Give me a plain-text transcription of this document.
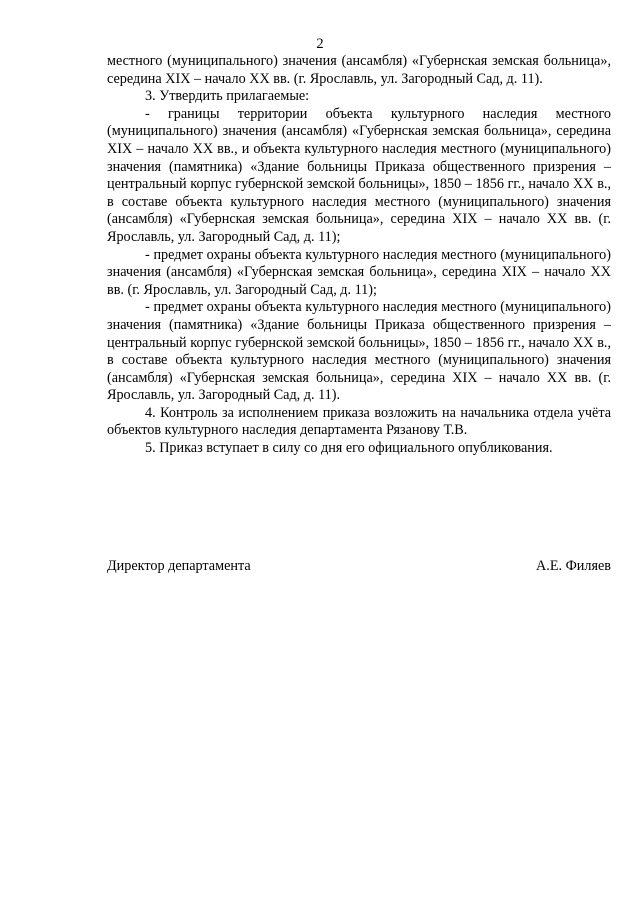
2

местного (муниципального) значения (ансамбля) «Губернская земская больница», середина XIX – начало XX вв. (г. Ярославль, ул. Загородный Сад, д. 11).

3. Утвердить прилагаемые:

- границы территории объекта культурного наследия местного (муниципального) значения (ансамбля) «Губернская земская больница», середина XIX – начало XX вв., и объекта культурного наследия местного (муниципального) значения (памятника) «Здание больницы Приказа общественного призрения – центральный корпус губернской земской больницы», 1850 – 1856 гг., начало XX в., в составе объекта культурного наследия местного (муниципального) значения (ансамбля) «Губернская земская больница», середина XIX – начало XX вв. (г. Ярославль, ул. Загородный Сад, д. 11);

- предмет охраны объекта культурного наследия местного (муниципального) значения (ансамбля) «Губернская земская больница», середина XIX – начало XX вв. (г. Ярославль, ул. Загородный Сад, д. 11);

- предмет охраны объекта культурного наследия местного (муниципального) значения (памятника) «Здание больницы Приказа общественного призрения – центральный корпус губернской земской больницы», 1850 – 1856 гг., начало XX в., в составе объекта культурного наследия местного (муниципального) значения (ансамбля) «Губернская земская больница», середина XIX – начало XX вв. (г. Ярославль, ул. Загородный Сад, д. 11).

4. Контроль за исполнением приказа возложить на начальника отдела учёта объектов культурного наследия департамента Рязанову Т.В.

5. Приказ вступает в силу со дня его официального опубликования.

Директор департамента	А.Е. Филяев
